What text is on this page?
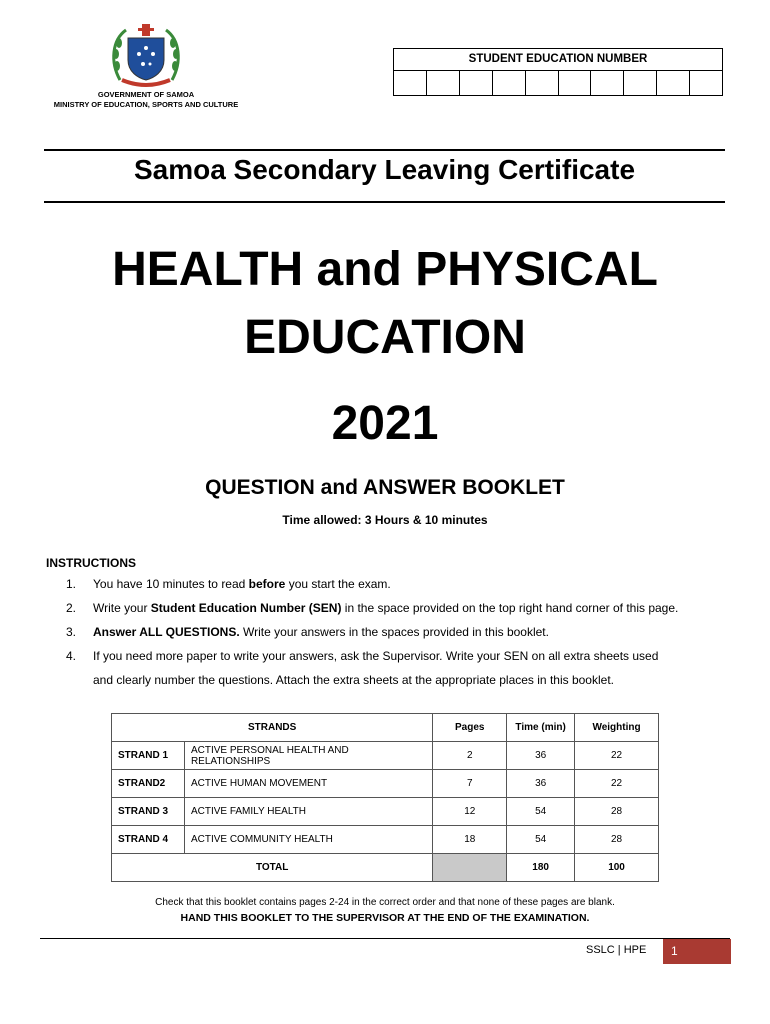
GOVERNMENT OF SAMOA
MINISTRY OF EDUCATION, SPORTS AND CULTURE
STUDENT EDUCATION NUMBER
Samoa Secondary Leaving Certificate
HEALTH and PHYSICAL
EDUCATION
2021
QUESTION and ANSWER BOOKLET
Time allowed: 3 Hours & 10 minutes
INSTRUCTIONS
1. You have 10 minutes to read before you start the exam.
2. Write your Student Education Number (SEN) in the space provided on the top right hand corner of this page.
3. Answer ALL QUESTIONS. Write your answers in the spaces provided in this booklet.
4. If you need more paper to write your answers, ask the Supervisor. Write your SEN on all extra sheets used
and clearly number the questions. Attach the extra sheets at the appropriate places in this booklet.
STRANDS		Pages	Time (min)	Weighting
STRAND 1	ACTIVE PERSONAL HEALTH AND RELATIONSHIPS	2	36	22
STRAND2	ACTIVE HUMAN MOVEMENT	7	36	22
STRAND 3	ACTIVE FAMILY HEALTH	12	54	28
STRAND 4	ACTIVE COMMUNITY HEALTH	18	54	28
TOTAL			180	100
Check that this booklet contains pages 2-24 in the correct order and that none of these pages are blank.
HAND THIS BOOKLET TO THE SUPERVISOR AT THE END OF THE EXAMINATION.
SSLC | HPE	1
